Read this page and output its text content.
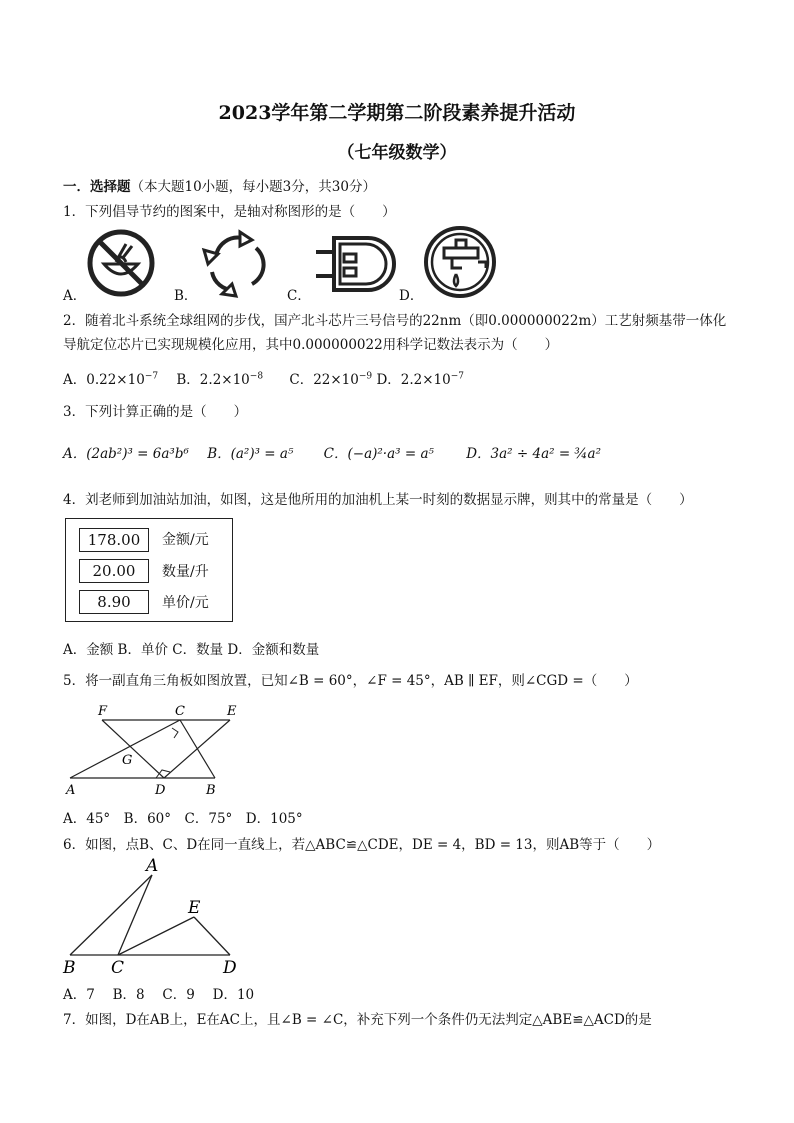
2023学年第二学期第二阶段素养提升活动
（七年级数学）
一．选择题（本大题10小题，每小题3分，共30分）
1．下列倡导节约的图案中，是轴对称图形的是（　　）
A．	B．	C．	D．
2．随着北斗系统全球组网的步伐，国产北斗芯片三号信号的22nm（即0.000000022m）工艺射频基带一体化
导航定位芯片已实现规模化应用，其中0.000000022用科学记数法表示为（　　）
A．$0.22\times 10^{-7}$ B．$2.2\times 10^{-8}$ C．$22\times 10^{-9}$ D．$2.2\times 10^{-7}$
3．下列计算正确的是（　　）
A．(2ab²)³ = 6a³b⁶ B．(a²)³ = a⁵ C．(−a)²·a³ = a⁵ D．3a² ÷ 4a² = ¾a²
4．刘老师到加油站加油，如图，这是他所用的加油机上某一时刻的数据显示牌，则其中的常量是（　　）
178.00	金额/元
20.00	数量/升
8.90	单价/元
A．金额 B．单价 C．数量 D．金额和数量
5．将一副直角三角板如图放置，已知∠B = 60°，∠F = 45°，AB ∥ EF，则∠CGD =（　　）
F	C	E
G
A	D	B
A．45°　B．60°　C．75°　D．105°
6．如图，点B、C、D在同一直线上，若△ABC≌△CDE，DE = 4，BD = 13，则AB等于（　　）
A
E
B C	D
A．7　 B．8　 C．9　 D．10
7．如图，D在AB上，E在AC上，且∠B = ∠C，补充下列一个条件仍无法判定△ABE≌△ACD的是
